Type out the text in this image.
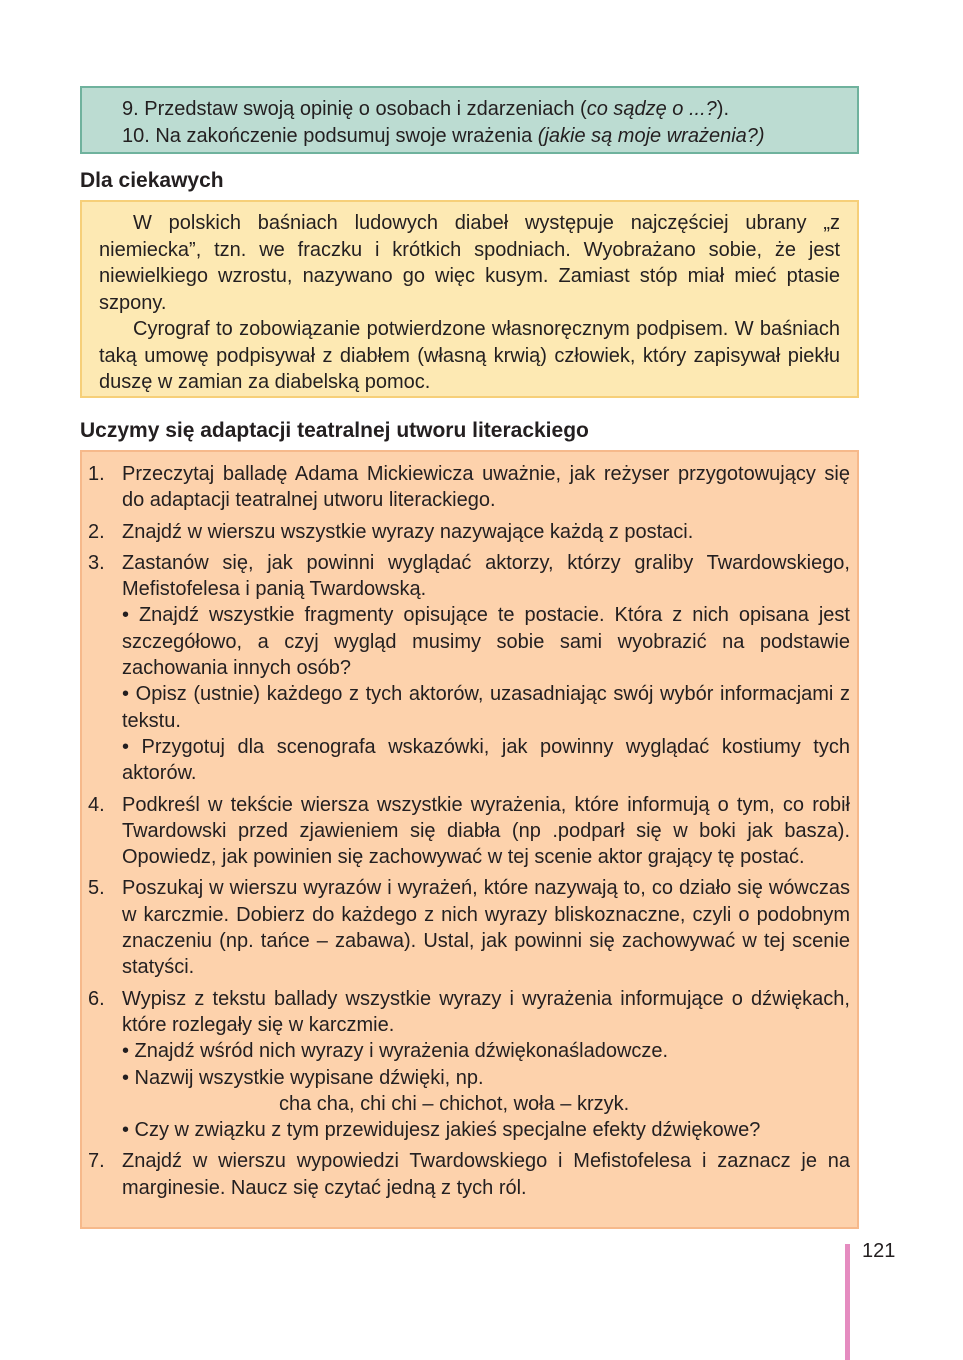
9. Przedstaw swoją opinię o osobach i zdarzeniach (co sądzę o ...?).
10. Na zakończenie podsumuj swoje wrażenia (jakie są moje wrażenia?)
Dla ciekawych

W polskich baśniach ludowych diabeł występuje najczęściej ubrany „z niemiecka”, tzn. we fraczku i krótkich spodniach. Wyobrażano sobie, że jest niewielkiego wzrostu, nazywano go więc kusym. Zamiast stóp miał mieć ptasie szpony.

Cyrograf to zobowiązanie potwierdzone własnoręcznym podpisem. W baśniach taką umowę podpisywał z diabłem (własną krwią) człowiek, który zapisywał piekłu duszę w zamian za diabelską pomoc.

Uczymy się adaptacji teatralnej utworu literackiego
1. Przeczytaj balladę Adama Mickiewicza uważnie, jak reżyser przygotowujący się do adaptacji teatralnej utworu literackiego.
2. Znajdź w wierszu wszystkie wyrazy nazywające każdą z postaci.
3. Zastanów się, jak powinni wyglądać aktorzy, którzy graliby Twardowskiego, Mefistofelesa i panią Twardowską.
• Znajdź wszystkie fragmenty opisujące te postacie. Która z nich opisana jest szczegółowo, a czyj wygląd musimy sobie sami wyobrazić na podstawie zachowania innych osób?
• Opisz (ustnie) każdego z tych aktorów, uzasadniając swój wybór informacjami z tekstu.
• Przygotuj dla scenografa wskazówki, jak powinny wyglądać kostiumy tych aktorów.
4. Podkreśl w tekście wiersza wszystkie wyrażenia, które informują o tym, co robił Twardowski przed zjawieniem się diabła (np .podparł się w boki jak basza). Opowiedz, jak powinien się zachowywać w tej scenie aktor grający tę postać.
5. Poszukaj w wierszu wyrazów i wyrażeń, które nazywają to, co działo się wówczas w karczmie. Dobierz do każdego z nich wyrazy bliskoznaczne, czyli o podobnym znaczeniu (np. tańce – zabawa). Ustal, jak powinni się zachowywać w tej scenie statyści.
6. Wypisz z tekstu ballady wszystkie wyrazy i wyrażenia informujące o dźwiękach, które rozlegały się w karczmie.
• Znajdź wśród nich wyrazy i wyrażenia dźwiękonaśladowcze.
• Nazwij wszystkie wypisane dźwięki, np.
cha cha, chi chi – chichot, woła – krzyk.
• Czy w związku z tym przewidujesz jakieś specjalne efekty dźwiękowe?
7. Znajdź w wierszu wypowiedzi Twardowskiego i Mefistofelesa i zaznacz je na marginesie. Naucz się czytać jedną z tych ról.
121
